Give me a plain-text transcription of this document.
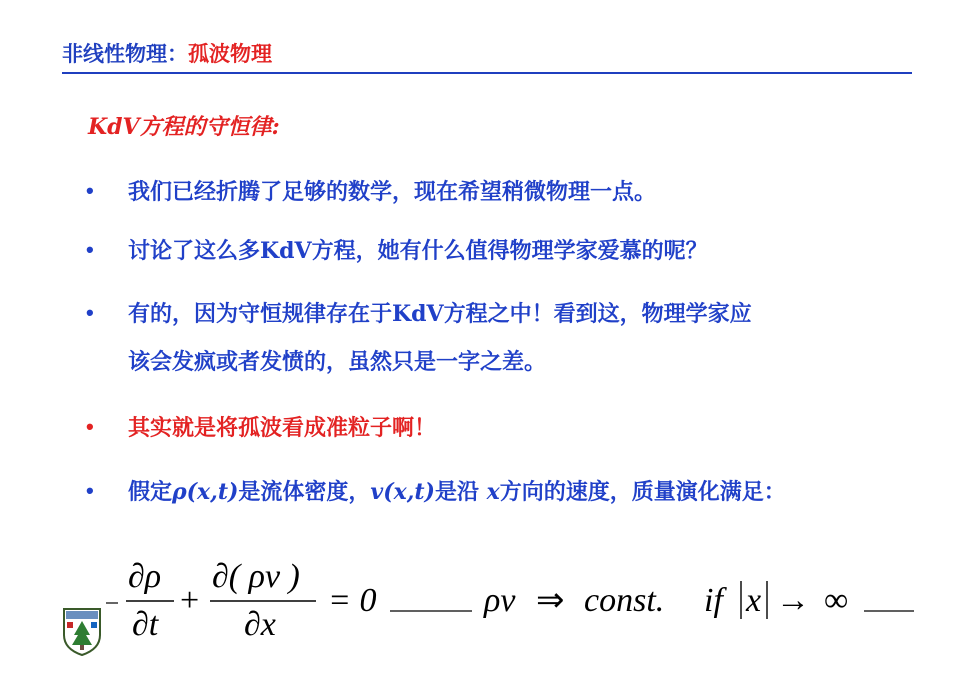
非线性物理：孤波物理
KdV方程的守恒律:
• 我们已经折腾了足够的数学，现在希望稍微物理一点。
• 讨论了这么多KdV方程，她有什么值得物理学家爱慕的呢？
• 有的，因为守恒规律存在于KdV方程之中！看到这，物理学家应
该会发疯或者发愤的，虽然只是一字之差。
• 其实就是将孤波看成准粒子啊！
• 假定ρ(x,t)是流体密度，v(x,t)是沿 x方向的速度，质量演化满足：
∂ρ
∂t
+
∂( ρv )
∂x
= 0	ρv ⇒ const. if x → ∞
